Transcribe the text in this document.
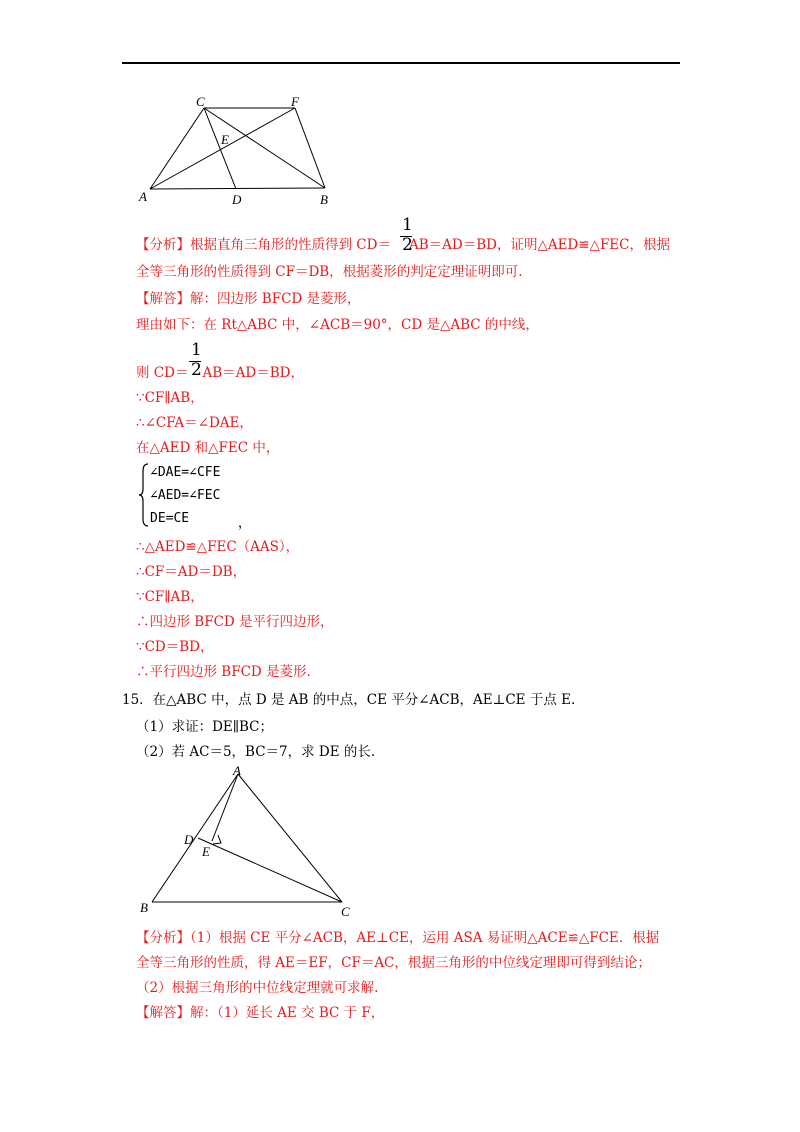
C	F
E
A	D	B
【分析】根据直角三角形的性质得到 CD＝ AB＝AD＝BD，证明△AED≌△FEC，根据
1
2
全等三角形的性质得到 CF＝DB，根据菱形的判定定理证明即可.
【解答】解：四边形 BFCD 是菱形，
理由如下：在 Rt△ABC 中，∠ACB＝90°，CD 是△ABC 的中线，
则 CD＝ AB＝AD＝BD，
1
2
∵CF∥AB，
∴∠CFA＝∠DAE，
在△AED 和△FEC 中，
∠DAE=∠CFE
∠AED=∠FEC
DE=CE	，
∴△AED≌△FEC（AAS），
∴CF＝AD＝DB，
∵CF∥AB，
∴四边形 BFCD 是平行四边形，
∵CD＝BD，
∴平行四边形 BFCD 是菱形.
15．在△ABC 中，点 D 是 AB 的中点，CE 平分∠ACB，AE⊥CE 于点 E.
（1）求证：DE∥BC；
（2）若 AC＝5，BC＝7，求 DE 的长.
A
D
E
B	C
【分析】（1）根据 CE 平分∠ACB，AE⊥CE，运用 ASA 易证明△ACE≌△FCE．根据
全等三角形的性质，得 AE＝EF，CF＝AC，根据三角形的中位线定理即可得到结论；
（2）根据三角形的中位线定理就可求解.
【解答】解：（1）延长 AE 交 BC 于 F，
